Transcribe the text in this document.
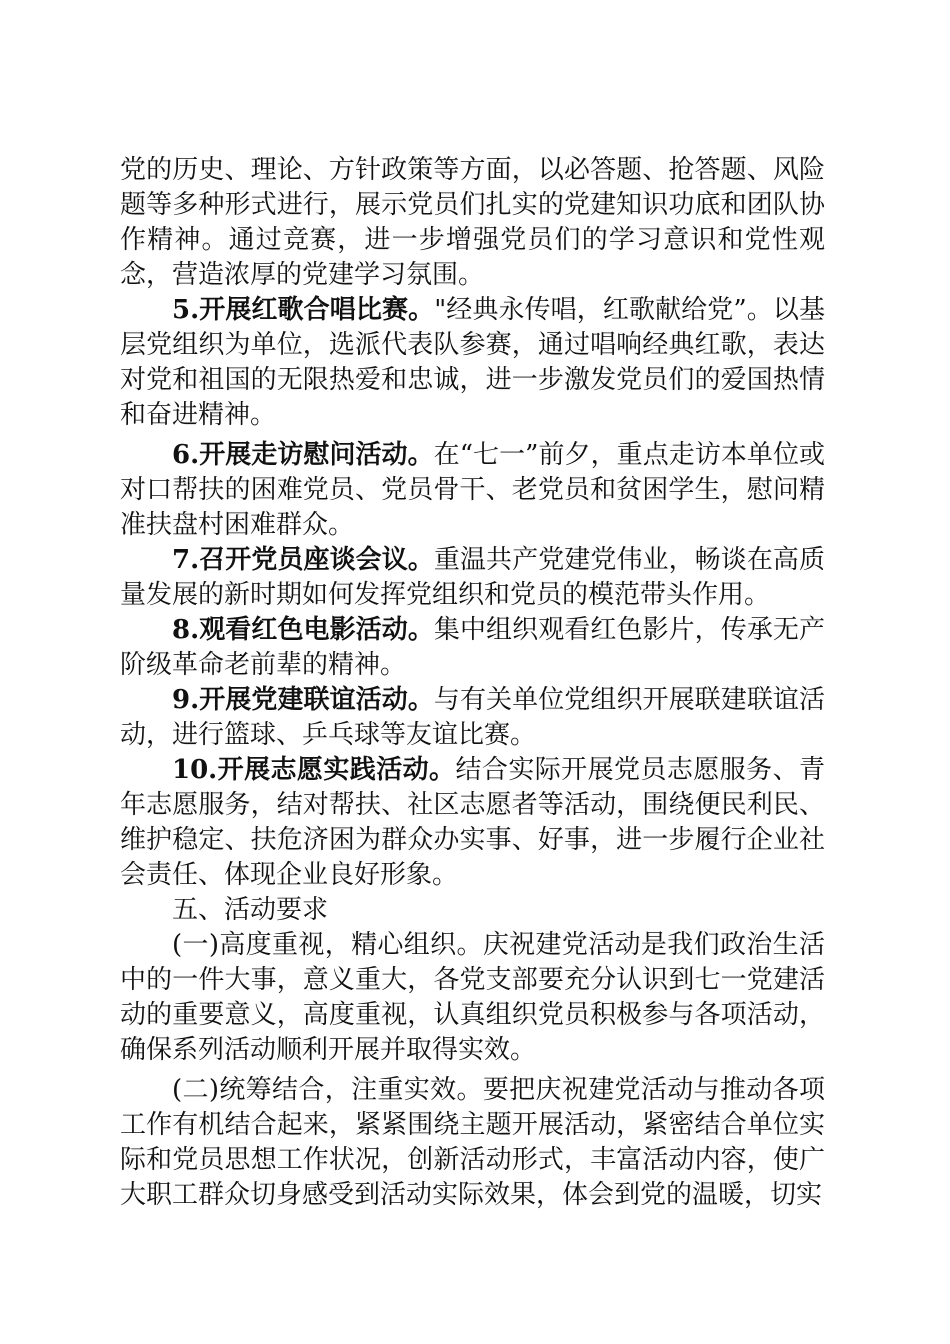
党的历史、理论、方针政策等方面，以必答题、抢答题、风险题等多种形式进行，展示党员们扎实的党建知识功底和团队协作精神。通过竞赛，进一步增强党员们的学习意识和党性观念，营造浓厚的党建学习氛围。

5.开展红歌合唱比赛。"经典永传唱，红歌献给党”。以基层党组织为单位，选派代表队参赛，通过唱响经典红歌，表达对党和祖国的无限热爱和忠诚，进一步激发党员们的爱国热情和奋进精神。

6.开展走访慰问活动。在“七一”前夕，重点走访本单位或对口帮扶的困难党员、党员骨干、老党员和贫困学生，慰问精准扶盘村困难群众。

7.召开党员座谈会议。重温共产党建党伟业，畅谈在高质量发展的新时期如何发挥党组织和党员的模范带头作用。

8.观看红色电影活动。集中组织观看红色影片，传承无产阶级革命老前辈的精神。

9.开展党建联谊活动。与有关单位党组织开展联建联谊活动，进行篮球、乒乓球等友谊比赛。

10.开展志愿实践活动。结合实际开展党员志愿服务、青年志愿服务，结对帮扶、社区志愿者等活动，围绕便民利民、维护稳定、扶危济困为群众办实事、好事，进一步履行企业社会责任、体现企业良好形象。

五、活动要求

(一)高度重视，精心组织。庆祝建党活动是我们政治生活中的一件大事，意义重大，各党支部要充分认识到七一党建活动的重要意义，高度重视，认真组织党员积极参与各项活动，确保系列活动顺利开展并取得实效。

(二)统筹结合，注重实效。要把庆祝建党活动与推动各项工作有机结合起来，紧紧围绕主题开展活动，紧密结合单位实际和党员思想工作状况，创新活动形式，丰富活动内容，使广大职工群众切身感受到活动实际效果，体会到党的温暖，切实
